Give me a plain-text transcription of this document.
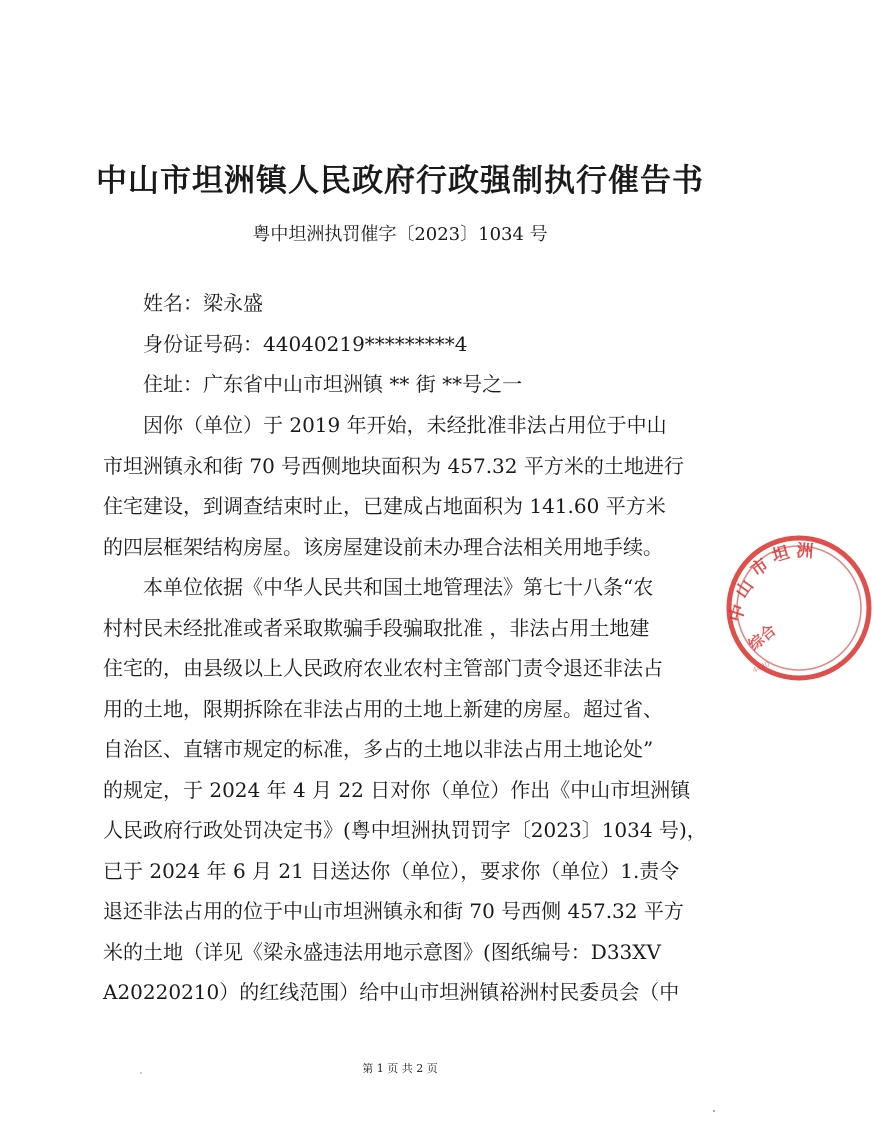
中山市坦洲镇人民政府行政强制执行催告书
粤中坦洲执罚催字〔2023〕1034 号
姓名：梁永盛
身份证号码：44040219*********4
住址：广东省中山市坦洲镇 ** 街 **号之一
因你（单位）于 2019 年开始，未经批准非法占用位于中山
市坦洲镇永和街 70 号西侧地块面积为 457.32 平方米的土地进行
住宅建设，到调查结束时止，已建成占地面积为 141.60 平方米
的四层框架结构房屋。该房屋建设前未办理合法相关用地手续。
本单位依据《中华人民共和国土地管理法》第七十八条“农
村村民未经批准或者采取欺骗手段骗取批准 ，非法占用土地建
住宅的，由县级以上人民政府农业农村主管部门责令退还非法占
用的土地，限期拆除在非法占用的土地上新建的房屋。超过省、
自治区、直辖市规定的标准，多占的土地以非法占用土地论处”
的规定，于 2024 年 4 月 22 日对你（单位）作出《中山市坦洲镇
人民政府行政处罚决定书》(粤中坦洲执罚罚字〔2023〕1034 号)，
已于 2024 年 6 月 21 日送达你（单位），要求你（单位）1.责令
退还非法占用的位于中山市坦洲镇永和街 70 号西侧 457.32 平方
米的土地（详见《梁永盛违法用地示意图》(图纸编号：D33XV
A20220210）的红线范围）给中山市坦洲镇裕洲村民委员会（中
第 1 页 共 2 页
中
山
市
坦 洲
综合
4420
